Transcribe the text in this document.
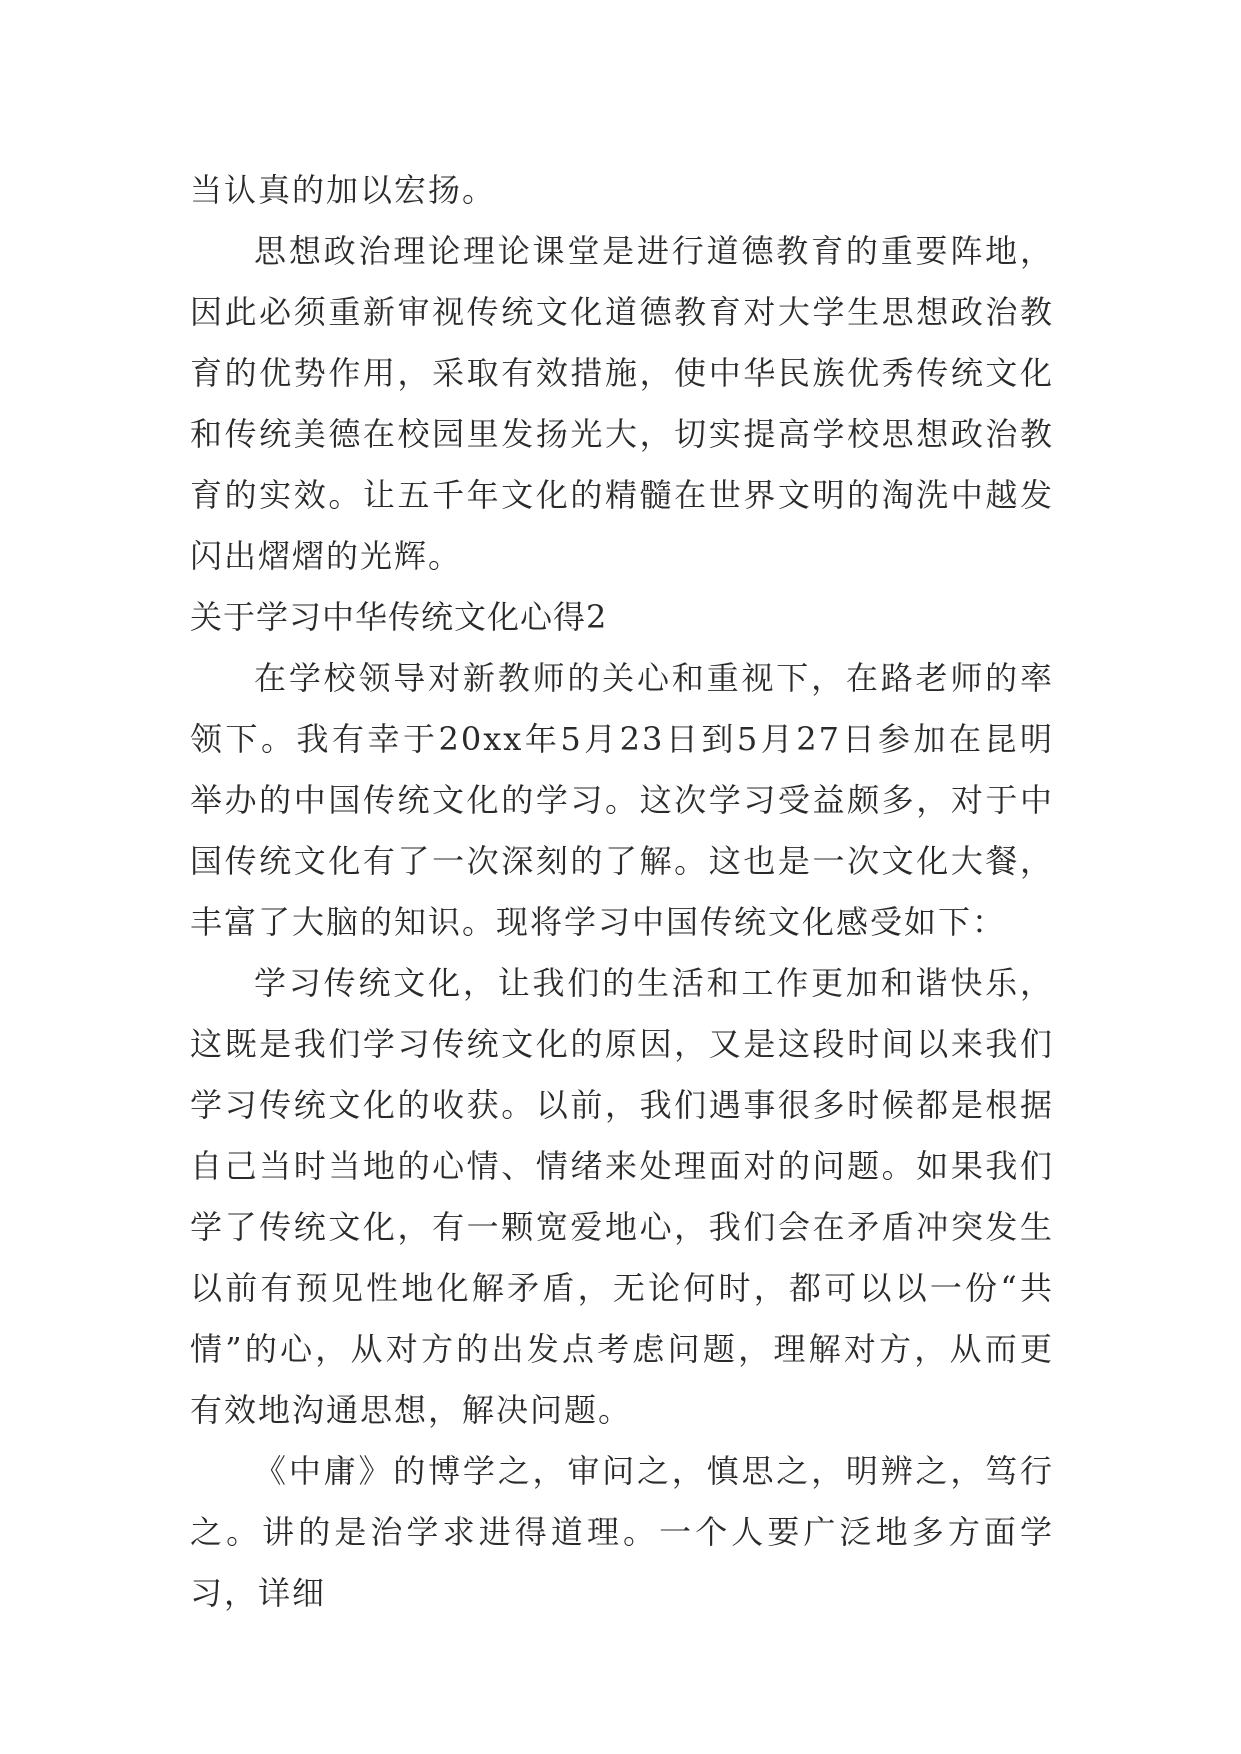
当认真的加以宏扬。

思想政治理论理论课堂是进行道德教育的重要阵地，因此必须重新审视传统文化道德教育对大学生思想政治教育的优势作用，采取有效措施，使中华民族优秀传统文化和传统美德在校园里发扬光大，切实提高学校思想政治教育的实效。让五千年文化的精髓在世界文明的淘洗中越发闪出熠熠的光辉。

关于学习中华传统文化心得2

在学校领导对新教师的关心和重视下，在路老师的率领下。我有幸于20xx年5月23日到5月27日参加在昆明举办的中国传统文化的学习。这次学习受益颇多，对于中国传统文化有了一次深刻的了解。这也是一次文化大餐，丰富了大脑的知识。现将学习中国传统文化感受如下：

学习传统文化，让我们的生活和工作更加和谐快乐，这既是我们学习传统文化的原因，又是这段时间以来我们学习传统文化的收获。以前，我们遇事很多时候都是根据自己当时当地的心情、情绪来处理面对的问题。如果我们学了传统文化，有一颗宽爱地心，我们会在矛盾冲突发生以前有预见性地化解矛盾，无论何时，都可以以一份“共情”的心，从对方的出发点考虑问题，理解对方，从而更有效地沟通思想，解决问题。

《中庸》的博学之，审问之，慎思之，明辨之，笃行之。讲的是治学求进得道理。一个人要广泛地多方面学习，详细
